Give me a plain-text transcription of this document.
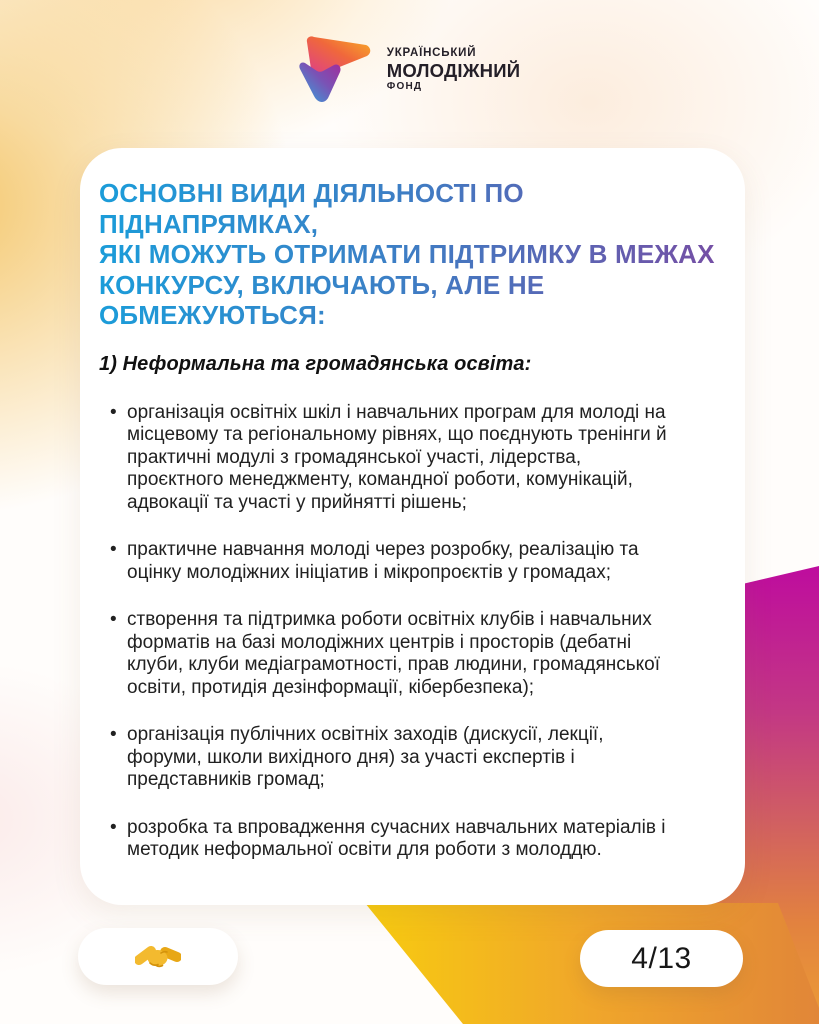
УКРАЇНСЬКИЙ
МОЛОДІЖНИЙ
ФОНД
ОСНОВНІ ВИДИ ДІЯЛЬНОСТІ ПО ПІДНАПРЯМКАХ,
ЯКІ МОЖУТЬ ОТРИМАТИ ПІДТРИМКУ В МЕЖАХ
КОНКУРСУ, ВКЛЮЧАЮТЬ, АЛЕ НЕ
ОБМЕЖУЮТЬСЯ:
1) Неформальна та громадянська освіта:
• організація освітніх шкіл і навчальних програм для молоді на місцевому та регіональному рівнях, що поєднують тренінги й практичні модулі з громадянської участі, лідерства, проєктного менеджменту, командної роботи, комунікацій, адвокації та участі у прийнятті рішень;
• практичне навчання молоді через розробку, реалізацію та оцінку молодіжних ініціатив і мікропроєктів у громадах;
• створення та підтримка роботи освітніх клубів і навчальних форматів на базі молодіжних центрів і просторів (дебатні клуби, клуби медіаграмотності, прав людини, громадянської освіти, протидія дезінформації, кібербезпека);
• організація публічних освітніх заходів (дискусії, лекції, форуми, школи вихідного дня) за участі експертів і представників громад;
• розробка та впровадження сучасних навчальних матеріалів і методик неформальної освіти для роботи з молоддю.
4/13
